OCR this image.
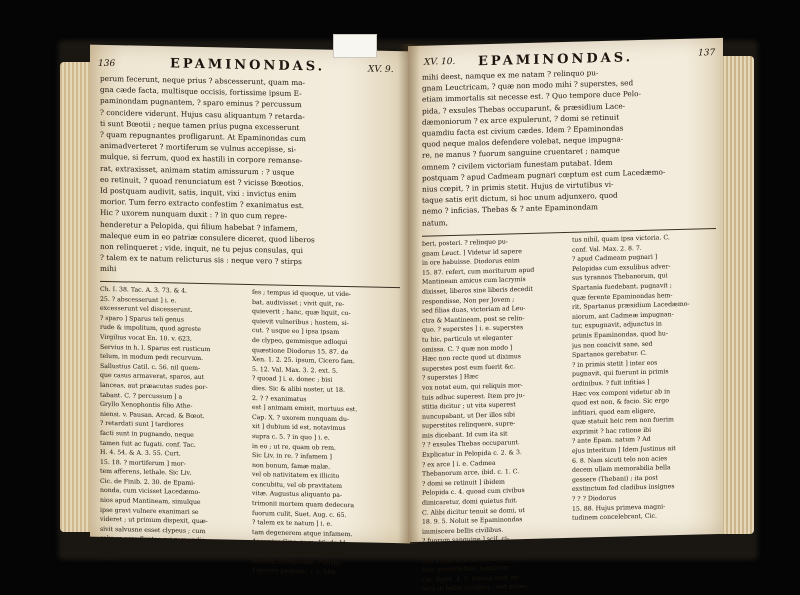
136	EPAMINONDAS.	XV. 9.
perum fecerunt, neque prius ? abscesserunt, quam ma-
gna cæde facta, multisque occisis, fortissime ipsum E-
paminondam pugnantem, ? sparo eminus ? percussum
? concidere viderunt. Hujus casu aliquantum ? retarda-
ti sunt Bœotii ; neque tamen prius pugna excesserunt
? quam repugnantes profligarunt. At Epaminondas cum
animadverteret ? mortiferum se vulnus accepisse, si-
mulque, si ferrum, quod ex hastili in corpore remanse-
rat, extraxisset, animam statim amissurum : ? usque
eo retinuit, ? quoad renunciatum est ? vicisse Bœotios.
Id postquam audivit, satis, inquit, vixi : invictus enim
morior. Tum ferro extracto confestim ? exanimatus est.
Hic ? uxorem nunquam duxit : ? in quo cum repre-
henderetur a Pelopida, qui filium habebat ? infamem,
maleque eum in eo patriæ consulere diceret, quod liberos
non relinqueret ; vide, inquit, ne tu pejus consulas, qui
? talem ex te natum relicturus sis : neque vero ? stirps
mihi
Ch. I. 38. Tac. A. 3. 73. & 4.
25. ? abscesserunt ] i. e.
excesserunt vel discesserunt.
? sparo ] Sparus teli genus
rude & impolitum, quod agreste
Virgilius vocat En. 10. v. 623.
Servius in h. l. Sparus est rusticum
telum, in modum pedi recurvum.
Sallustius Catil. c. 56. nil quem-
que casus armaverat, sparos, aut
lanceas, aut præacutas sudes por-
tabant. C. ? percussum ] a
Gryllo Xenophontis filio Athe-
niensi. v. Pausan. Arcad. & Bœot.
? retardati sunt ] tardiores
facti sunt in pugnando, neque
tamen fuit ac fugati. conf. Tac.
H. 4. 54. & A. 3. 55. Curt.
15. 18. ? mortiferum ] mor-
tem afferens, lethale. Sic Liv.
Cic. de Finib. 2. 30. de Epami-
nonda, cum vicisset Lacedæmo-
nios apud Mantineam, simulque
ipse gravi vulnere exanimari se
videret ; ut primum dispexit, quæ-
sivit salvusne esset clypeus ; cum
salvum esse flentes sui respondis-
sent ; rogavit, essentne fusi ho-
stes.
fes ; tempus id quoque, ut vide-
bat, audivisset ; vivit quit, re-
quieverit ; hanc, quæ liquit, co-
quievit vulneribus ; hostem, si-
cut. ? usque eo ] ipsa ipsam
de clypeo, gemmisque adloqui
quæstione Diodorus 15. 87. de
Xen. 1. 2. 25. ipsum, Cicero fam.
5. 12. Val. Max. 3. 2. ext. 5.
? quoad ] i. e. donec ; bisi
dies. Sic & alibi noster, ut 18.
2. ? ? exanimatus
est ] animam emisit, mortuus est.
Cap. X. ? uxorem nunquam du-
xit ] dubium id est, notavimus
supra c. 5. ? in quo ] i. e.
in eo ; ut re, quam ob rem.
Sic Liv. in re. ? infamem ]
non bonum, famæ malæ.
vel ob nativitatem ex illicito
concubitu, vel ob pravitatem
vitæ. Augustus aliquanto pa-
trimonii mortem quam dedecora
fuorum culit, Suet. Aug. c. 65.
? talem ex te natum ] i. e.
tam degenerem atque infamem.
Ausonius Cæs. num. 16. de M.
Antonino pravum filium Com-
modum relinquente. ? stirps
] genere propago, i. e. libe-
XV. 10. EPAMINONDAS.	137
mihi deest, namque ex me natam ? relinquo pu-
gnam Leuctricam, ? quæ non modo mihi ? superstes, sed
etiam immortalis sit necesse est. ? Quo tempore duce Pelo-
pida, ? exsules Thebas occuparunt, & præsidium Lace-
dæmoniorum ? ex arce expulerunt, ? domi se retinuit
quamdiu facta est civium cædes. Idem ? Epaminondas
quod neque malos defendere volebat, neque impugna-
re, ne manus ? fuorum sanguine cruentaret ; namque
omnem ? civilem victoriam funestam putabat. Idem
postquam ? apud Cadmeam pugnari cœptum est cum Lacedæmo-
nius cœpit, ? in primis stetit. Hujus de virtutibus vi-
taque satis erit dictum, si hoc unum adjunxero, quod
nemo ? inficias, Thebas & ? ante Epaminondam
natum,
beri, posteri. ? relinquo pu-
gnam Leuct. ] Videtur id sapere
in ore habuisse. Diodorus enim
15. 87. refert, cum moriturum apud
Mantineam amicus cum lacrymis
dixisset, liberos sine liberis decedit
respondisse, Non per Jovem ;
sed filias duas, victoriam ad Leu-
ctra & Mantineam, post se relin-
quo. ? superstes ] i. e. superstes
tu hic, particula ut eleganter
omissa. C. ? quæ non modo ]
Hæc non recte quod ut diximus
superstes post eum fuerit &c.
? superstes ] Hæc
vox notat eum, qui reliquis mor-
tuis adhuc superest. Item pro ju-
stitia dicitur ; ut vita superest
nuncupabant, ut Der illos sibi
superstites relinquere, supre-
mis dicebant. Id cum ita sit
? ? exsules Thebas occuparunt.
Explicatur in Pelopida c. 2. & 3.
? ex arce ] i. e. Cadmea
Thebanorum arce, ibid. c. 1. C.
? domi se retinuit ] ibidem
Pelopida c. 4. quoad cum civibus
dimicaretur, domi quietus fuit.
C. Alibi dicitur tenuit se domi, ut
18. 9. 5. Noluit se Epaminondas
immiscere bellis civilibus.
? fuorum sanguine ] sciL ci-
vium, popularium. ? civi-
lem ] quæ in bello civili i. e. exitio
fam, perniciofam, lugubrem
Cic. Epist. 4. 9. Omnia sunt mi-
sera in bellis civilibus ; sed miser-
tus nihil, quam ipsa victoria. C.
conf. Val. Max. 2. 8. 7.
? apud Cadmeam pugnari ]
Pelopidas cum exsulibus adver-
sus tyrannos Thebanorum, qui
Spartania fuedebant, pugnavit ;
quæ ferente Epaminondas hem-
rit, Spartanus præsidium Lacedæmo-
niorum, ant Cadmeæ impugnan-
tur, expugnavit, adjunctus in
primis Epaminondas, quod hu-
jus non concivit sane, sed
Spartanos gerebatur. C.
? in primis stetit ] inter eos
pugnavit, qui fuerunt in primis
ordinibus. ? fuit infitias ]
Hæc vox componi videtur ab in
quod est non, & facio. Sic ergo
infitiari, quod eam eligere,
quæ statuit heic rem non fuerim
exprimit ? hac ratione ibi
? ante Epam. natum ? Ad
ejus interitum ] Idem Justinus ait
6. 8. Nam sicuti telo non acies
decem ullam memorabilia bella
gessere (Thebani) ; ita post
exstinctum fed cladibus insignes
? ? ? Diodorus
15. 88. Hujus primeva magni-
tudinem concelebrant, Cic.
